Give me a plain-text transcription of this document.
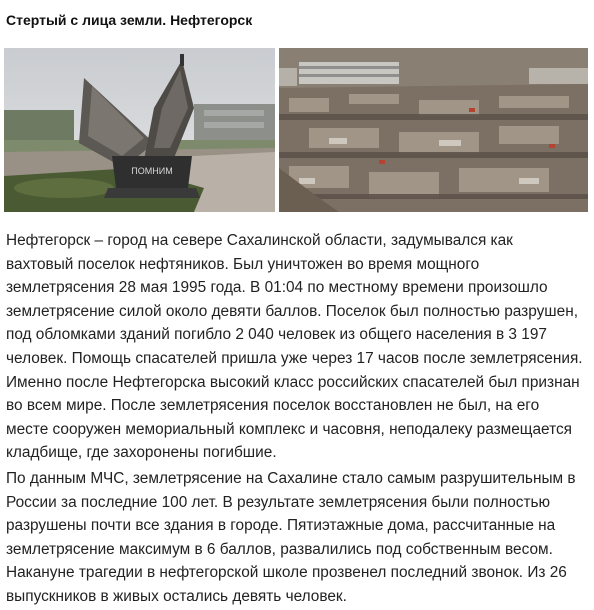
Стертый с лица земли. Нефтегорск
ПОМНИМ
Нефтегорск – город на севере Сахалинской области, задумывался как вахтовый поселок нефтяников. Был уничтожен во время мощного землетрясения 28 мая 1995 года. В 01:04 по местному времени произошло землетрясение силой около девяти баллов. Поселок был полностью разрушен, под обломками зданий погибло 2 040 человек из общего населения в 3 197 человек. Помощь спасателей пришла уже через 17 часов после землетрясения. Именно после Нефтегорска высокий класс российских спасателей был признан во всем мире. После землетрясения поселок восстановлен не был, на его месте сооружен мемориальный комплекс и часовня, неподалеку размещается кладбище, где захоронены погибшие.
По данным МЧС, землетрясение на Сахалине стало самым разрушительным в России за последние 100 лет. В результате землетрясения были полностью разрушены почти все здания в городе. Пятиэтажные дома, рассчитанные на землетрясение максимум в 6 баллов, развалились под собственным весом. Накануне трагедии в нефтегорской школе прозвенел последний звонок. Из 26 выпускников в живых остались девять человек.
